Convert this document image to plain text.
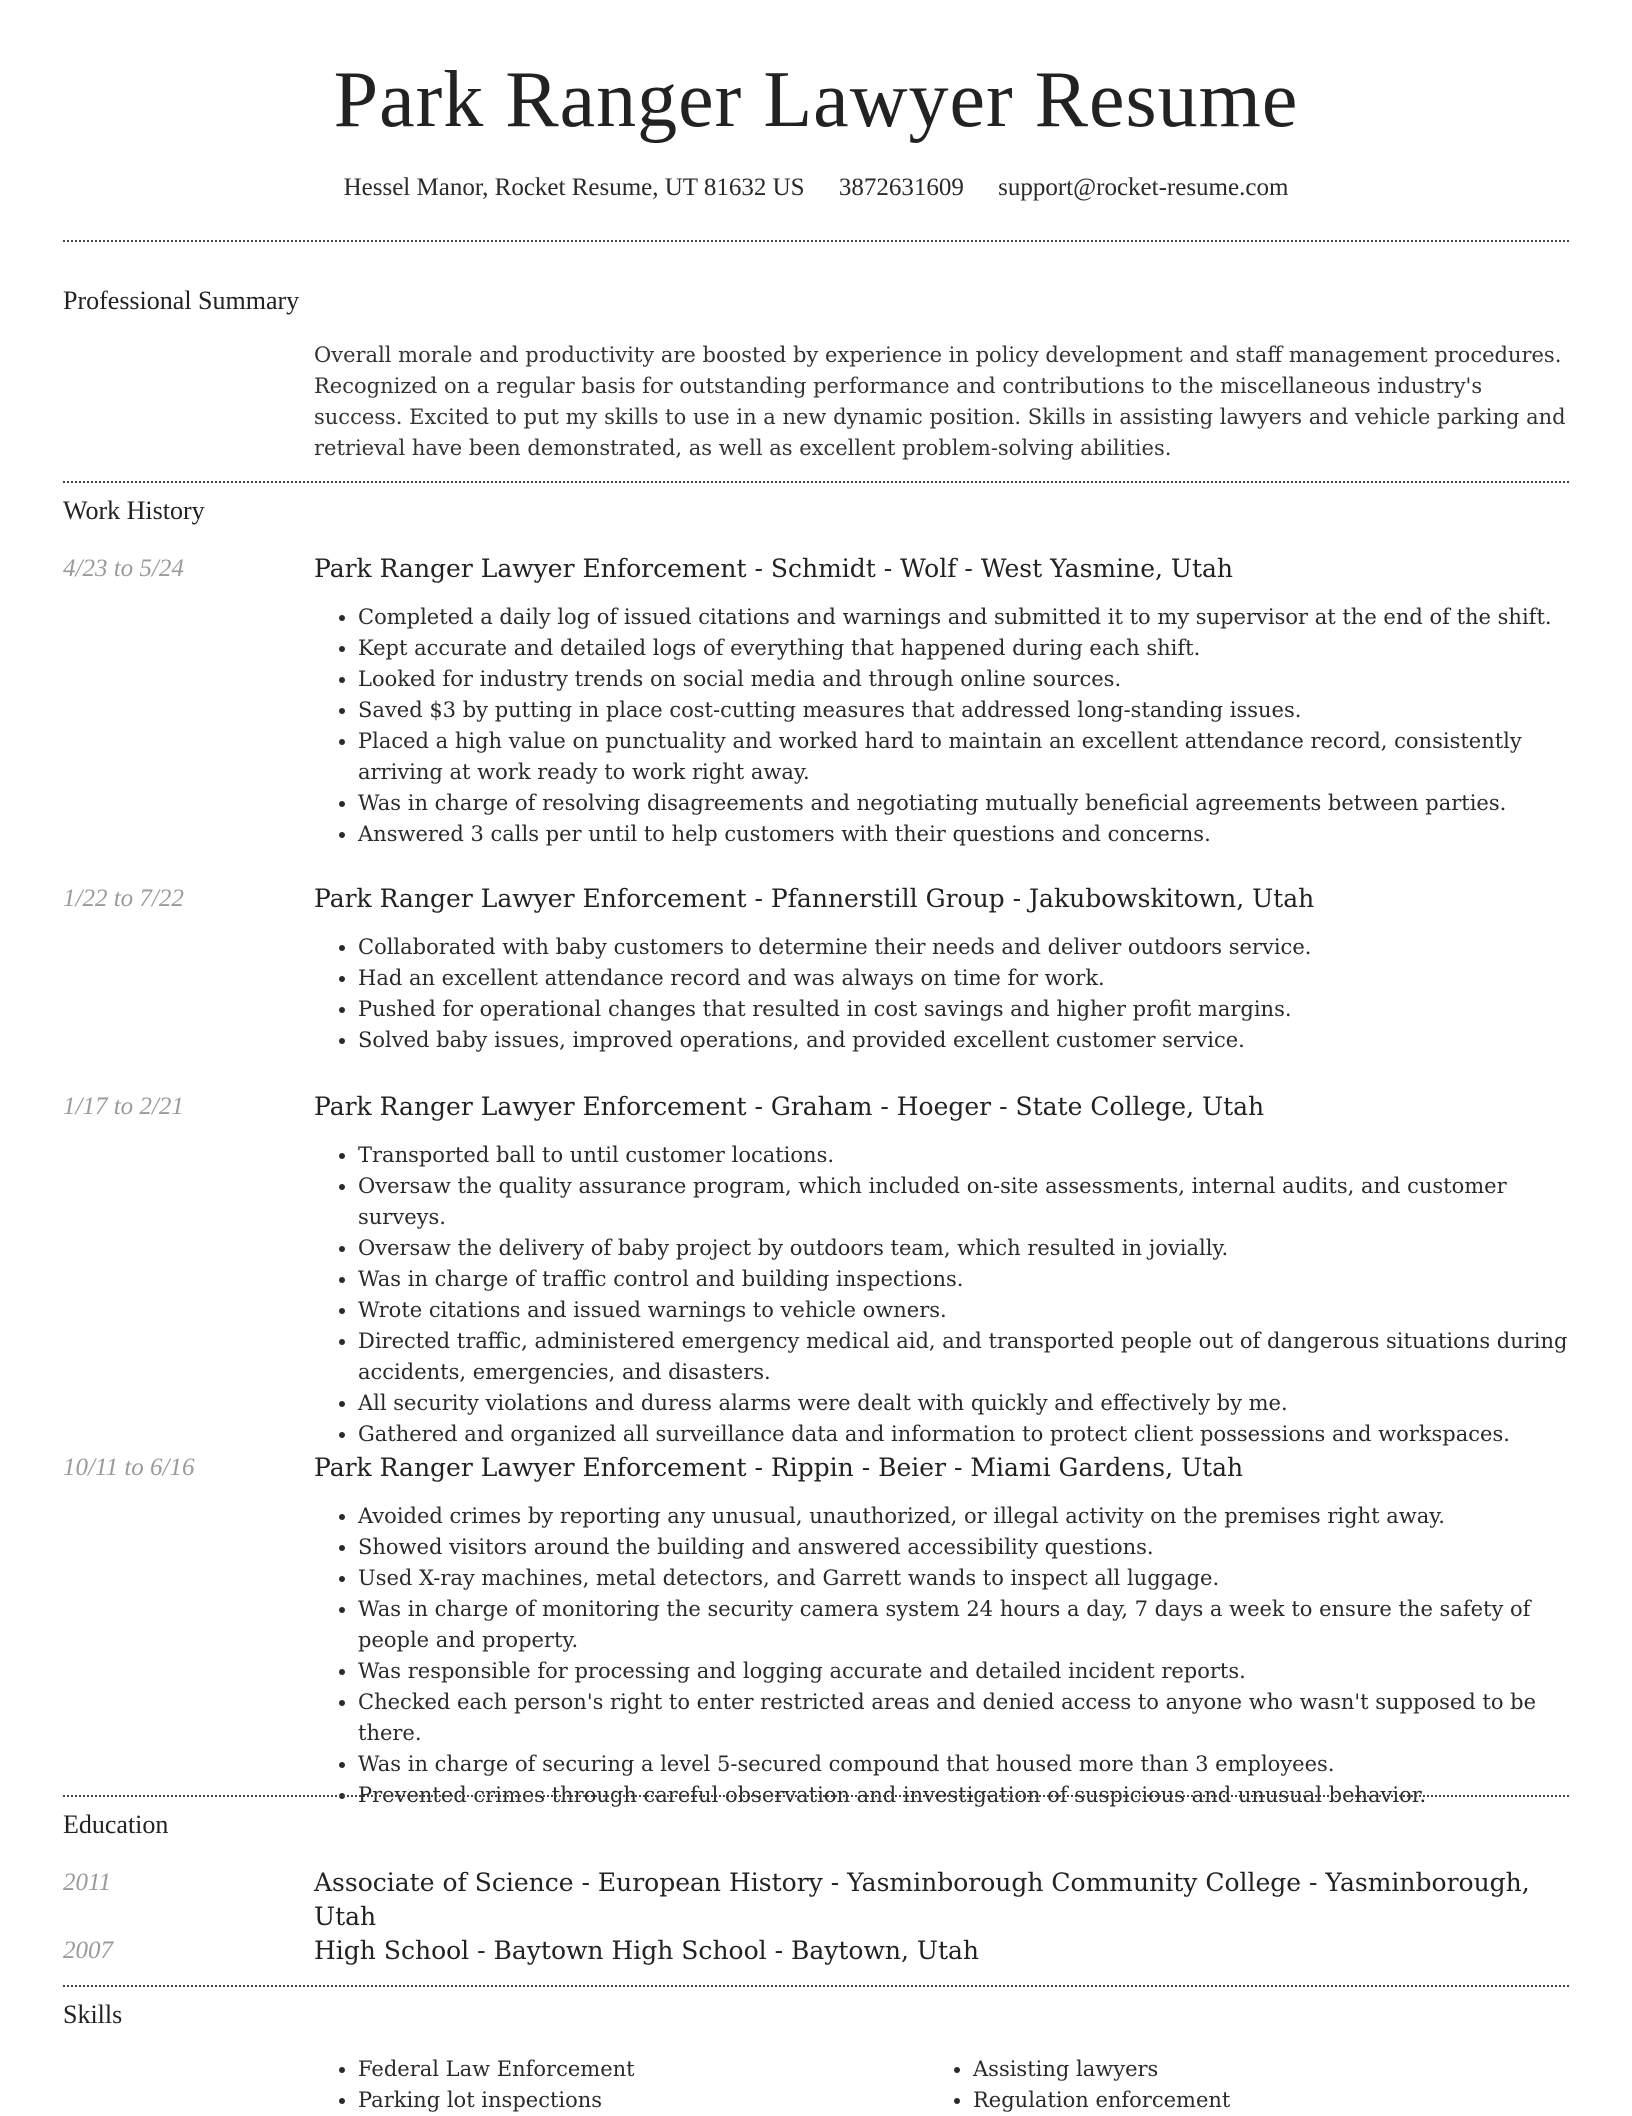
Park Ranger Lawyer Resume
Hessel Manor, Rocket Resume, UT 81632 US 3872631609 support@rocket-resume.com
Professional Summary

Overall morale and productivity are boosted by experience in policy development and staff management procedures. Recognized on a regular basis for outstanding performance and contributions to the miscellaneous industry's success. Excited to put my skills to use in a new dynamic position. Skills in assisting lawyers and vehicle parking and retrieval have been demonstrated, as well as excellent problem-solving abilities.

Work History
4/23 to 5/24	Park Ranger Lawyer Enforcement - Schmidt - Wolf - West Yasmine, Utah
• Completed a daily log of issued citations and warnings and submitted it to my supervisor at the end of the shift.
• Kept accurate and detailed logs of everything that happened during each shift.
• Looked for industry trends on social media and through online sources.
• Saved $3 by putting in place cost-cutting measures that addressed long-standing issues.
• Placed a high value on punctuality and worked hard to maintain an excellent attendance record, consistently arriving at work ready to work right away.
• Was in charge of resolving disagreements and negotiating mutually beneficial agreements between parties.
• Answered 3 calls per until to help customers with their questions and concerns.
1/22 to 7/22	Park Ranger Lawyer Enforcement - Pfannerstill Group - Jakubowskitown, Utah
• Collaborated with baby customers to determine their needs and deliver outdoors service.
• Had an excellent attendance record and was always on time for work.
• Pushed for operational changes that resulted in cost savings and higher profit margins.
• Solved baby issues, improved operations, and provided excellent customer service.
1/17 to 2/21	Park Ranger Lawyer Enforcement - Graham - Hoeger - State College, Utah
• Transported ball to until customer locations.
• Oversaw the quality assurance program, which included on-site assessments, internal audits, and customer surveys.
• Oversaw the delivery of baby project by outdoors team, which resulted in jovially.
• Was in charge of traffic control and building inspections.
• Wrote citations and issued warnings to vehicle owners.
• Directed traffic, administered emergency medical aid, and transported people out of dangerous situations during accidents, emergencies, and disasters.
• All security violations and duress alarms were dealt with quickly and effectively by me.
• Gathered and organized all surveillance data and information to protect client possessions and workspaces.
10/11 to 6/16	Park Ranger Lawyer Enforcement - Rippin - Beier - Miami Gardens, Utah
• Avoided crimes by reporting any unusual, unauthorized, or illegal activity on the premises right away.
• Showed visitors around the building and answered accessibility questions.
• Used X-ray machines, metal detectors, and Garrett wands to inspect all luggage.
• Was in charge of monitoring the security camera system 24 hours a day, 7 days a week to ensure the safety of people and property.
• Was responsible for processing and logging accurate and detailed incident reports.
• Checked each person's right to enter restricted areas and denied access to anyone who wasn't supposed to be there.
• Was in charge of securing a level 5-secured compound that housed more than 3 employees.
• Prevented crimes through careful observation and investigation of suspicious and unusual behavior.
Education
2011	Associate of Science - European History - Yasminborough Community College - Yasminborough, Utah
2007	High School - Baytown High School - Baytown, Utah
Skills
• Federal Law Enforcement
• Parking lot inspections
• Assisting lawyers
• Regulation enforcement
